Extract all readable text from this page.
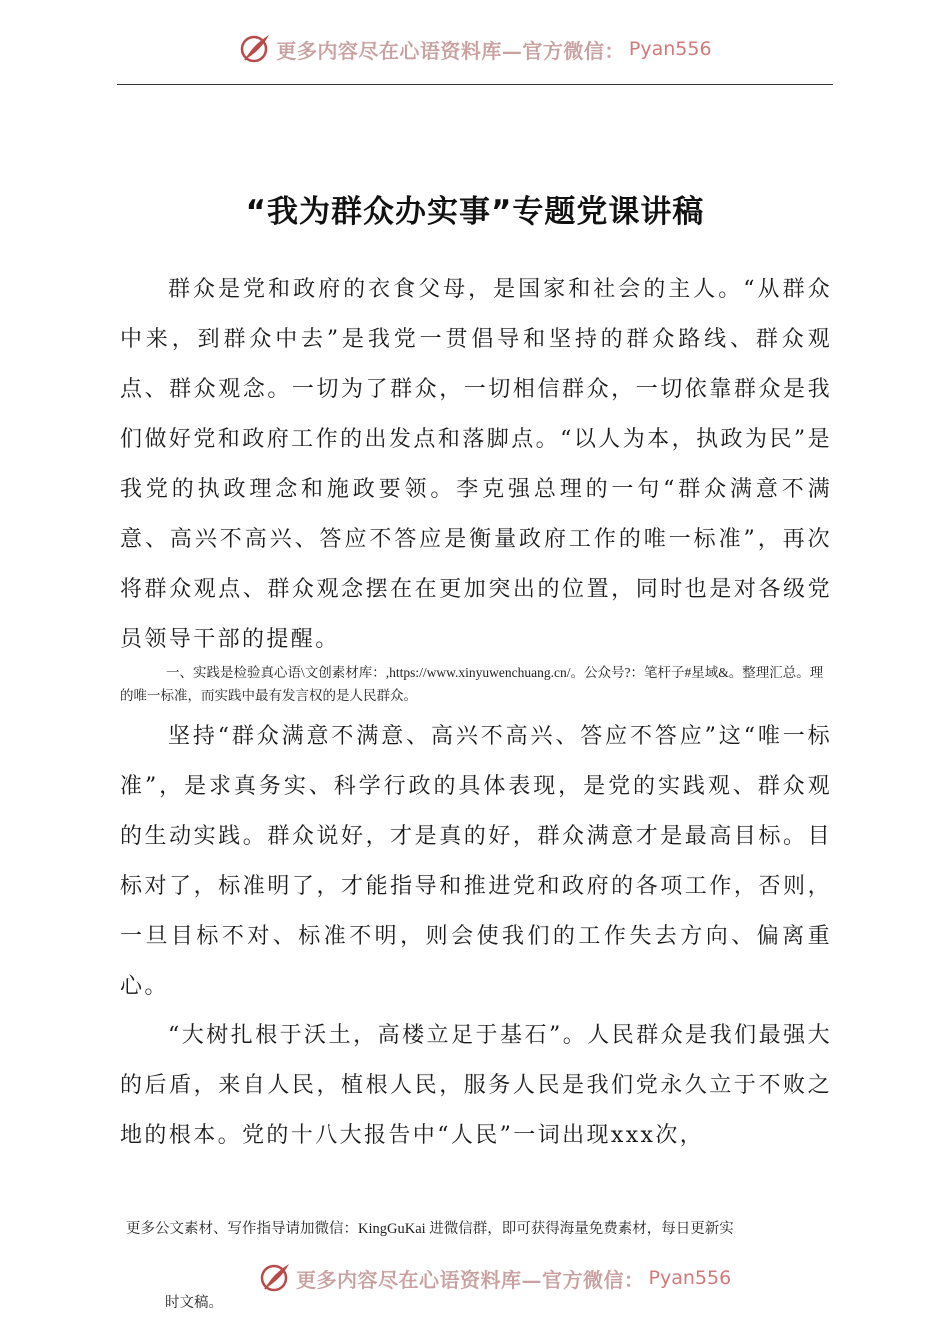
更多内容尽在心语资料库—官方微信： Pyan556
“我为群众办实事”专题党课讲稿

群众是党和政府的衣食父母，是国家和社会的主人。“从群众中来，到群众中去”是我党一贯倡导和坚持的群众路线、群众观点、群众观念。一切为了群众，一切相信群众，一切依靠群众是我们做好党和政府工作的出发点和落脚点。“以人为本，执政为民”是我党的执政理念和施政要领。李克强总理的一句“群众满意不满意、高兴不高兴、答应不答应是衡量政府工作的唯一标准”，再次将群众观点、群众观念摆在在更加突出的位置，同时也是对各级党员领导干部的提醒。

一、实践是检验真心语\文创素材库：,https://www.xinyuwenchuang.cn/。公众号?：笔杆子#星域&。整理汇总。理的唯一标准，而实践中最有发言权的是人民群众。

坚持“群众满意不满意、高兴不高兴、答应不答应”这“唯一标准”，是求真务实、科学行政的具体表现，是党的实践观、群众观的生动实践。群众说好，才是真的好，群众满意才是最高目标。目标对了，标准明了，才能指导和推进党和政府的各项工作，否则，一旦目标不对、标准不明，则会使我们的工作失去方向、偏离重心。

“大树扎根于沃土，高楼立足于基石”。人民群众是我们最强大的后盾，来自人民，植根人民，服务人民是我们党永久立于不败之地的根本。党的十八大报告中“人民”一词出现xxx次，

更多公文素材、写作指导请加微信：KingGuKai 进微信群，即可获得海量免费素材，每日更新实

更多内容尽在心语资料库—官方微信： Pyan556

时文稿。
